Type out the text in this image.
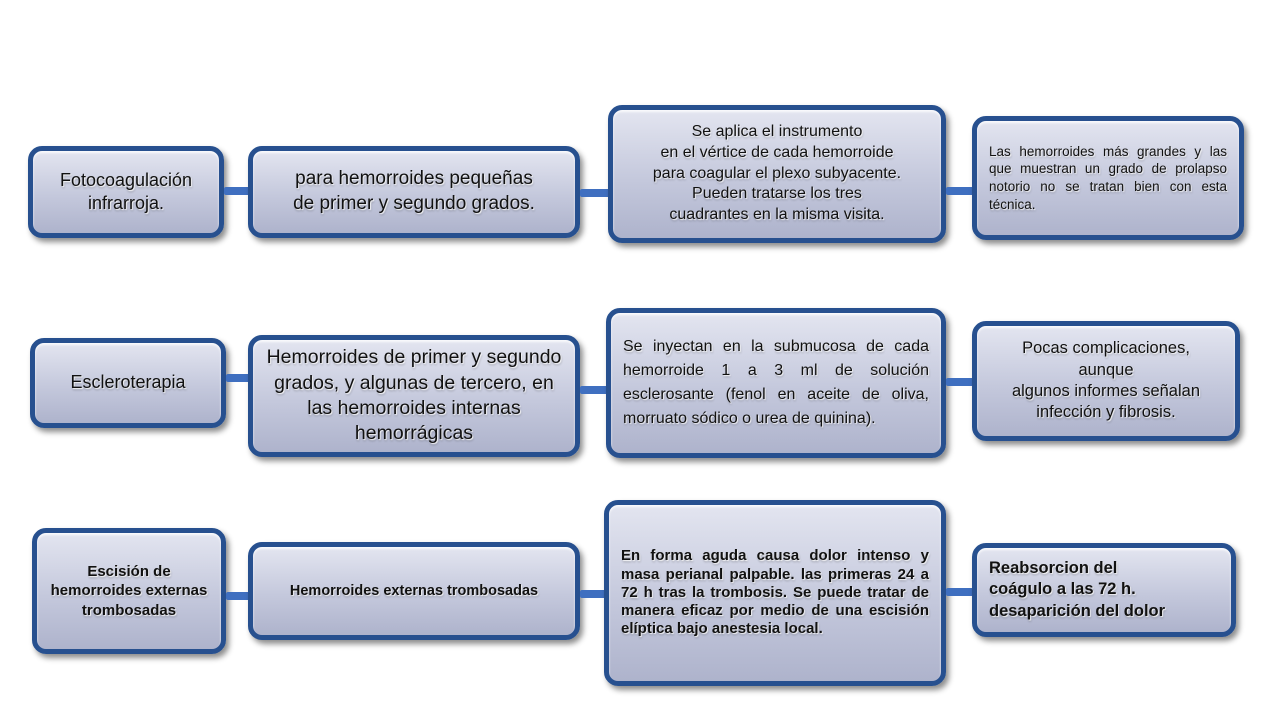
Fotocoagulación
infrarroja.
para hemorroides pequeñas
de primer y segundo grados.
Se aplica el instrumento
en el vértice de cada hemorroide
para coagular el plexo subyacente.
Pueden tratarse los tres
cuadrantes en la misma visita.
Las hemorroides más grandes y las que muestran un grado de prolapso notorio no se tratan bien con esta técnica.
Escleroterapia
Hemorroides de primer y segundo grados, y algunas de tercero, en las hemorroides internas hemorrágicas
Se inyectan en la submucosa de cada hemorroide 1 a 3 ml de solución esclerosante (fenol en aceite de oliva, morruato sódico o urea de quinina).
Pocas complicaciones,
aunque
algunos informes señalan
infección y fibrosis.
Escisión de hemorroides externas trombosadas
Hemorroides externas trombosadas
En forma aguda causa dolor intenso y masa perianal palpable. las primeras 24 a 72 h tras la trombosis. Se puede tratar de manera eficaz por medio de una escisión elíptica bajo anestesia local.
Reabsorcion del
coágulo a las 72 h.
desaparición del dolor
